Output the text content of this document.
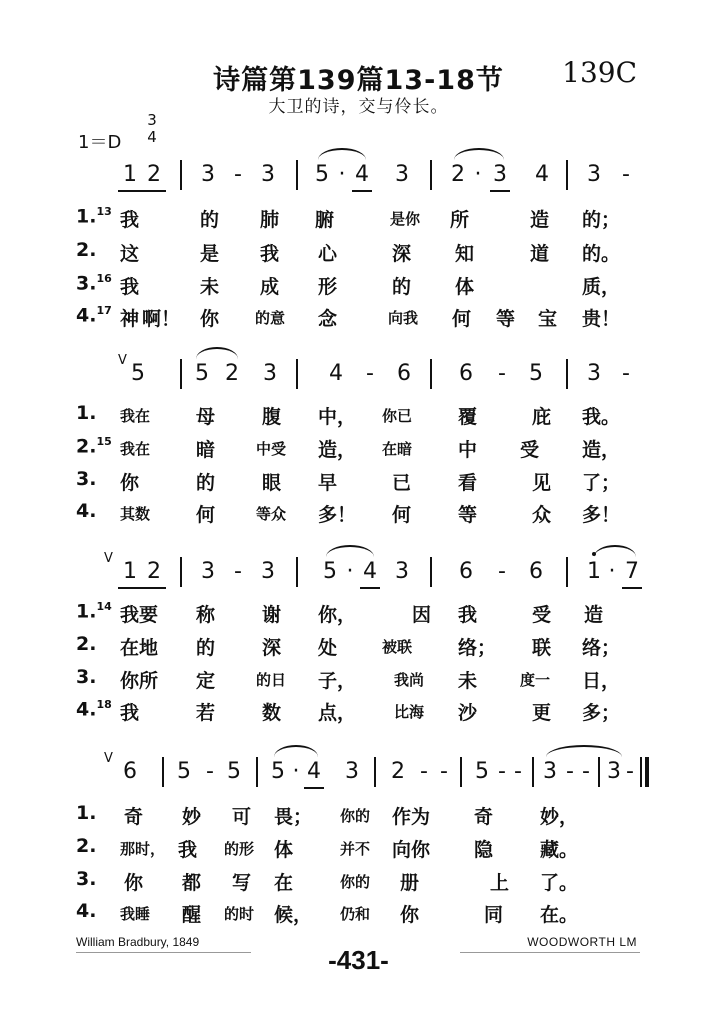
诗篇第139篇13-18节	139C
大卫的诗，交与伶长。
1＝D
3
4
1 2 3 - 3 5 · 4 3 2 · 3 4 3 -
1.13 我	的 肺 腑	是你 所	造 的；
2. 这	是 我 心	深 知	道 的。
3.16 我	未 成 形	的 体	质，
4.17 神 啊！ 你 的意 念	向我 何 等 宝 贵！
V
5 5 2 3 4 - 6 6 - 5 3 -
1. 我在 母 腹 中， 你已 覆	庇 我。
2.15 我在 暗	中受 造， 在暗 中 受 造，
3. 你	的 眼 早	已 看	见 了；
4. 其数 何	等众 多！ 何 等	众 多！
V
1 2 3 - 3 5 · 4 3 6 - 6 1 · 7
1.14 我要 称 谢 你，	因 我	受 造
2. 在地 的 深 处	被联 络； 联 络；
3. 你所 定	的日 子，	我尚 未	度一 日，
4.18 我	若 数 点，	比海 沙	更 多；
V
6 5 - 5 5 · 4 3 2 - - 5 - - 3 - - 3 -
1. 奇 妙 可 畏； 你的 作为 奇 妙，
2. 那时， 我 的形 体	并不 向你 隐 藏。
3. 你 都 写 在	你的 册	上 了。
4. 我睡 醒 的时 候， 仍和 你	同 在。
William Bradbury, 1849	WOODWORTH LM
-431-
